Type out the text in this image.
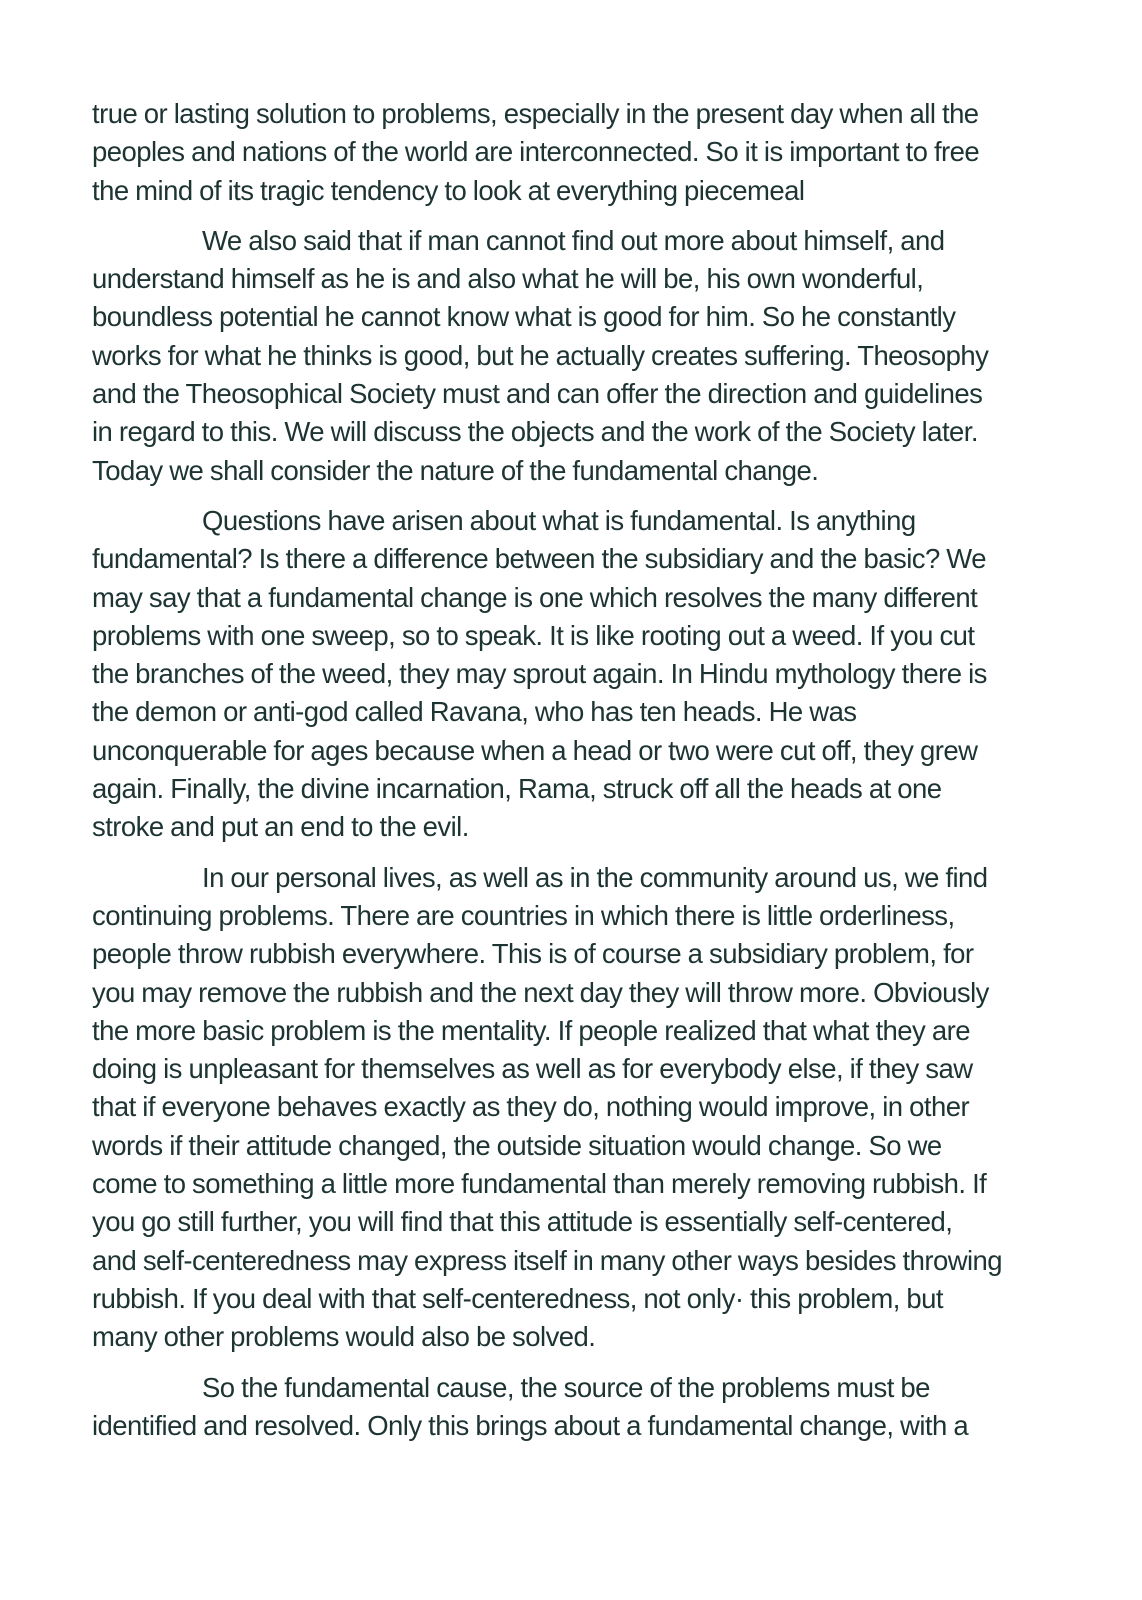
true or lasting solution to problems, especially in the present day when all the
peoples and nations of the world are interconnected. So it is important to free
the mind of its tragic tendency to look at everything piecemeal
We also said that if man cannot find out more about himself, and
understand himself as he is and also what he will be, his own wonderful,
boundless potential he cannot know what is good for him. So he constantly
works for what he thinks is good, but he actually creates suffering. Theosophy
and the Theosophical Society must and can offer the direction and guidelines
in regard to this. We will discuss the objects and the work of the Society later.
Today we shall consider the nature of the fundamental change.
Questions have arisen about what is fundamental. Is anything
fundamental? Is there a difference between the subsidiary and the basic? We
may say that a fundamental change is one which resolves the many different
problems with one sweep, so to speak. It is like rooting out a weed. If you cut
the branches of the weed, they may sprout again. In Hindu mythology there is
the demon or anti-god called Ravana, who has ten heads. He was
unconquerable for ages because when a head or two were cut off, they grew
again. Finally, the divine incarnation, Rama, struck off all the heads at one
stroke and put an end to the evil.
In our personal lives, as well as in the community around us, we find
continuing problems. There are countries in which there is little orderliness,
people throw rubbish everywhere. This is of course a subsidiary problem, for
you may remove the rubbish and the next day they will throw more. Obviously
the more basic problem is the mentality. If people realized that what they are
doing is unpleasant for themselves as well as for everybody else, if they saw
that if everyone behaves exactly as they do, nothing would improve, in other
words if their attitude changed, the outside situation would change. So we
come to something a little more fundamental than merely removing rubbish. If
you go still further, you will find that this attitude is essentially self-centered,
and self-centeredness may express itself in many other ways besides throwing
rubbish. If you deal with that self-centeredness, not only· this problem, but
many other problems would also be solved.
So the fundamental cause, the source of the problems must be
identified and resolved. Only this brings about a fundamental change, with a
